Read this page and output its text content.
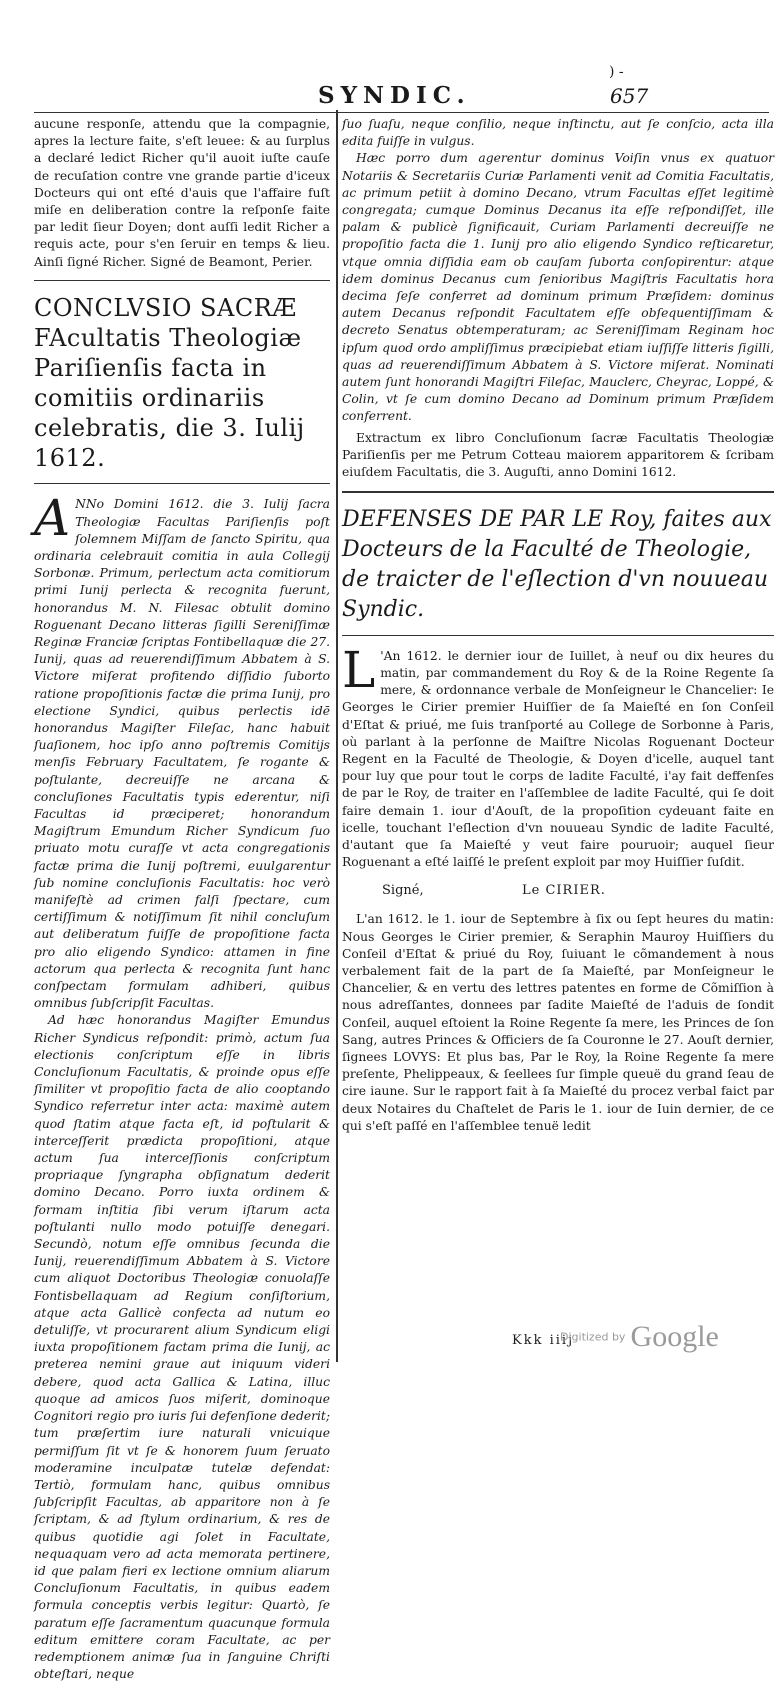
) -
SYNDIC.	657

aucune responſe, attendu que la compagnie, apres la lecture faite, s'eſt leuee: & au ſurplus a declaré ledict Richer qu'il auoit iuſte cauſe de recuſation contre vne grande partie d'iceux Docteurs qui ont eſté d'auis que l'affaire fuſt miſe en deliberation contre la reſponſe faite par ledit ſieur Doyen; dont auſſi ledit Richer a requis acte, pour s'en ſeruir en temps & lieu. Ainſi ſigné Richer. Signé de Beamont, Perier.

CONCLVSIO SACRÆ FAcultatis Theologiæ Pariſienſis facta in comitiis ordinariis celebratis, die 3. Iulij 1612.

A NNo Domini 1612. die 3. Iulij ſacra Theologiæ Facultas Pariſienſis poſt ſolemnem Miſſam de ſancto Spiritu, qua ordinaria celebrauit comitia in aula Collegij Sorbonæ. Primum, perlectum acta comitiorum primi Iunij perlecta & recognita fuerunt, honorandus M. N. Filesac obtulit domino Roguenant Decano litteras ſigilli Sereniſſimæ Reginæ Franciæ ſcriptas Fontibellaquæ die 27. Iunij, quas ad reuerendiſſimum Abbatem à S. Victore miſerat profitendo diſſidio ſuborto ratione propoſitionis factæ die prima Iunij, pro electione Syndici, quibus perlectis idē honorandus Magiſter Fileſac, hanc habuit ſuaſionem, hoc ipſo anno poſtremis Comitijs menſis February Facultatem, ſe rogante & poſtulante, decreuiſſe ne arcana & concluſiones Facultatis typis ederentur, niſi Facultas id præciperet; honorandum Magiſtrum Emundum Richer Syndicum ſuo priuato motu curaſſe vt acta congregationis factæ prima die Iunij poſtremi, euulgarentur ſub nomine concluſionis Facultatis: hoc verò manifeſtè ad crimen falſi ſpectare, cum certiſſimum & notiſſimum ſit nihil concluſum aut deliberatum fuiſſe de propoſitione facta pro alio eligendo Syndico: attamen in fine actorum qua perlecta & recognita ſunt hanc conſpectam formulam adhiberi, quibus omnibus ſubſcripſit Facultas.

Ad hæc honorandus Magiſter Emundus Richer Syndicus reſpondit: primò, actum ſua electionis conſcriptum eſſe in libris Concluſionum Facultatis, & proinde opus eſſe ſimiliter vt propoſitio facta de alio cooptando Syndico referretur inter acta: maximè autem quod ſtatim atque facta eſt, id poſtularit & interceſſerit prædicta propoſitioni, atque actum ſua interceſſionis conſcriptum propriaque ſyngrapha obſignatum dederit domino Decano. Porro iuxta ordinem & formam inſtitia ſibi verum iſtarum acta poſtulanti nullo modo potuiſſe denegari. Secundò, notum eſſe omnibus ſecunda die Iunij, reuerendiſſimum Abbatem à S. Victore cum aliquot Doctoribus Theologiæ conuolaſſe Fontisbellaquam ad Regium conſiſtorium, atque acta Gallicè confecta ad nutum eo detuliſſe, vt procurarent alium Syndicum eligi iuxta propoſitionem factam prima die Iunij, ac preterea nemini graue aut iniquum videri debere, quod acta Gallica & Latina, illuc quoque ad amicos ſuos miſerit, dominoque Cognitori regio pro iuris ſui defenſione dederit; tum præſertim iure naturali vnicuique permiſſum ſit vt ſe & honorem ſuum ſeruato moderamine inculpatæ tutelæ defendat: Tertiò, formulam hanc, quibus omnibus ſubſcripſit Facultas, ab apparitore non à ſe ſcriptam, & ad ſtylum ordinarium, & res de quibus quotidie agi ſolet in Facultate, nequaquam vero ad acta memorata pertinere, id que palam fieri ex lectione omnium aliarum Concluſionum Facultatis, in quibus eadem formula conceptis verbis legitur: Quartò, ſe paratum eſſe ſacramentum quacunque formula editum emittere coram Facultate, ac per redemptionem animæ ſua in ſanguine Chriſti obteſtari, neque

ſuo ſuaſu, neque conſilio, neque inſtinctu, aut ſe conſcio, acta illa edita fuiſſe in vulgus.

Hæc porro dum agerentur dominus Voiſin vnus ex quatuor Notariis & Secretariis Curiæ Parlamenti venit ad Comitia Facultatis, ac primum petiit à domino Decano, vtrum Facultas eſſet legitimè congregata; cumque Dominus Decanus ita eſſe reſpondiſſet, ille palam & publicè ſignificauit, Curiam Parlamenti decreuiſſe ne propoſitio facta die 1. Iunij pro alio eligendo Syndico reſticaretur, vtque omnia diſſidia eam ob cauſam ſuborta conſopirentur: atque idem dominus Decanus cum ſenioribus Magiſtris Facultatis hora decima ſeſe conferret ad dominum primum Præſidem: dominus autem Decanus reſpondit Facultatem eſſe obſequentiſſimam & decreto Senatus obtemperaturam; ac Sereniſſimam Reginam hoc ipſum quod ordo ampliſſimus præcipiebat etiam iuſſiſſe litteris ſigilli, quas ad reuerendiſſimum Abbatem à S. Victore miſerat. Nominati autem ſunt honorandi Magiſtri Fileſac, Mauclerc, Cheyrac, Loppé, & Colin, vt ſe cum domino Decano ad Dominum primum Præſidem conferrent.

Extractum ex libro Concluſionum ſacræ Facultatis Theologiæ Pariſienſis per me Petrum Cotteau maiorem apparitorem & ſcribam eiuſdem Facultatis, die 3. Auguſti, anno Domini 1612.

DEFENSES DE PAR LE Roy, faites aux Docteurs de la Faculté de Theologie, de traicter de l'eſlection d'vn nouueau Syndic.

L 'An 1612. le dernier iour de Iuillet, à neuf ou dix heures du matin, par commandement du Roy & de la Roine Regente ſa mere, & ordonnance verbale de Monſeigneur le Chancelier: Ie Georges le Cirier premier Huiſſier de ſa Maieſté en ſon Conſeil d'Eſtat & priué, me ſuis tranſporté au College de Sorbonne à Paris, où parlant à la perſonne de Maiſtre Nicolas Roguenant Docteur Regent en la Faculté de Theologie, & Doyen d'icelle, auquel tant pour luy que pour tout le corps de ladite Faculté, i'ay fait deffenſes de par le Roy, de traiter en l'aſſemblee de ladite Faculté, qui ſe doit faire demain 1. iour d'Aouſt, de la propoſition cydeuant faite en icelle, touchant l'eſlection d'vn nouueau Syndic de ladite Faculté, d'autant que ſa Maieſté y veut faire pouruoir; auquel ſieur Roguenant a eſté laiſſé le preſent exploit par moy Huiſſier ſuſdit.

Signé,	Le CIRIER.

L'an 1612. le 1. iour de Septembre à ſix ou ſept heures du matin: Nous Georges le Cirier premier, & Seraphin Mauroy Huiſſiers du Conſeil d'Eſtat & priué du Roy, ſuiuant le cõmandement à nous verbalement fait de la part de ſa Maieſté, par Monſeigneur le Chancelier, & en vertu des lettres patentes en forme de Cõmiſſion à nous adreſſantes, donnees par ſadite Maieſté de l'aduis de ſondit Conſeil, auquel eſtoient la Roine Regente ſa mere, les Princes de ſon Sang, autres Princes & Officiers de ſa Couronne le 27. Aouſt dernier, ſignees LOVYS: Et plus bas, Par le Roy, la Roine Regente ſa mere preſente, Phelippeaux, & ſeellees ſur ſimple queuë du grand ſeau de cire iaune. Sur le rapport fait à ſa Maieſté du procez verbal faict par deux Notaires du Chaſtelet de Paris le 1. iour de Iuin dernier, de ce qui s'eſt paſſé en l'aſſemblee tenuë ledit

Kkk iiij
Digitized by Google
